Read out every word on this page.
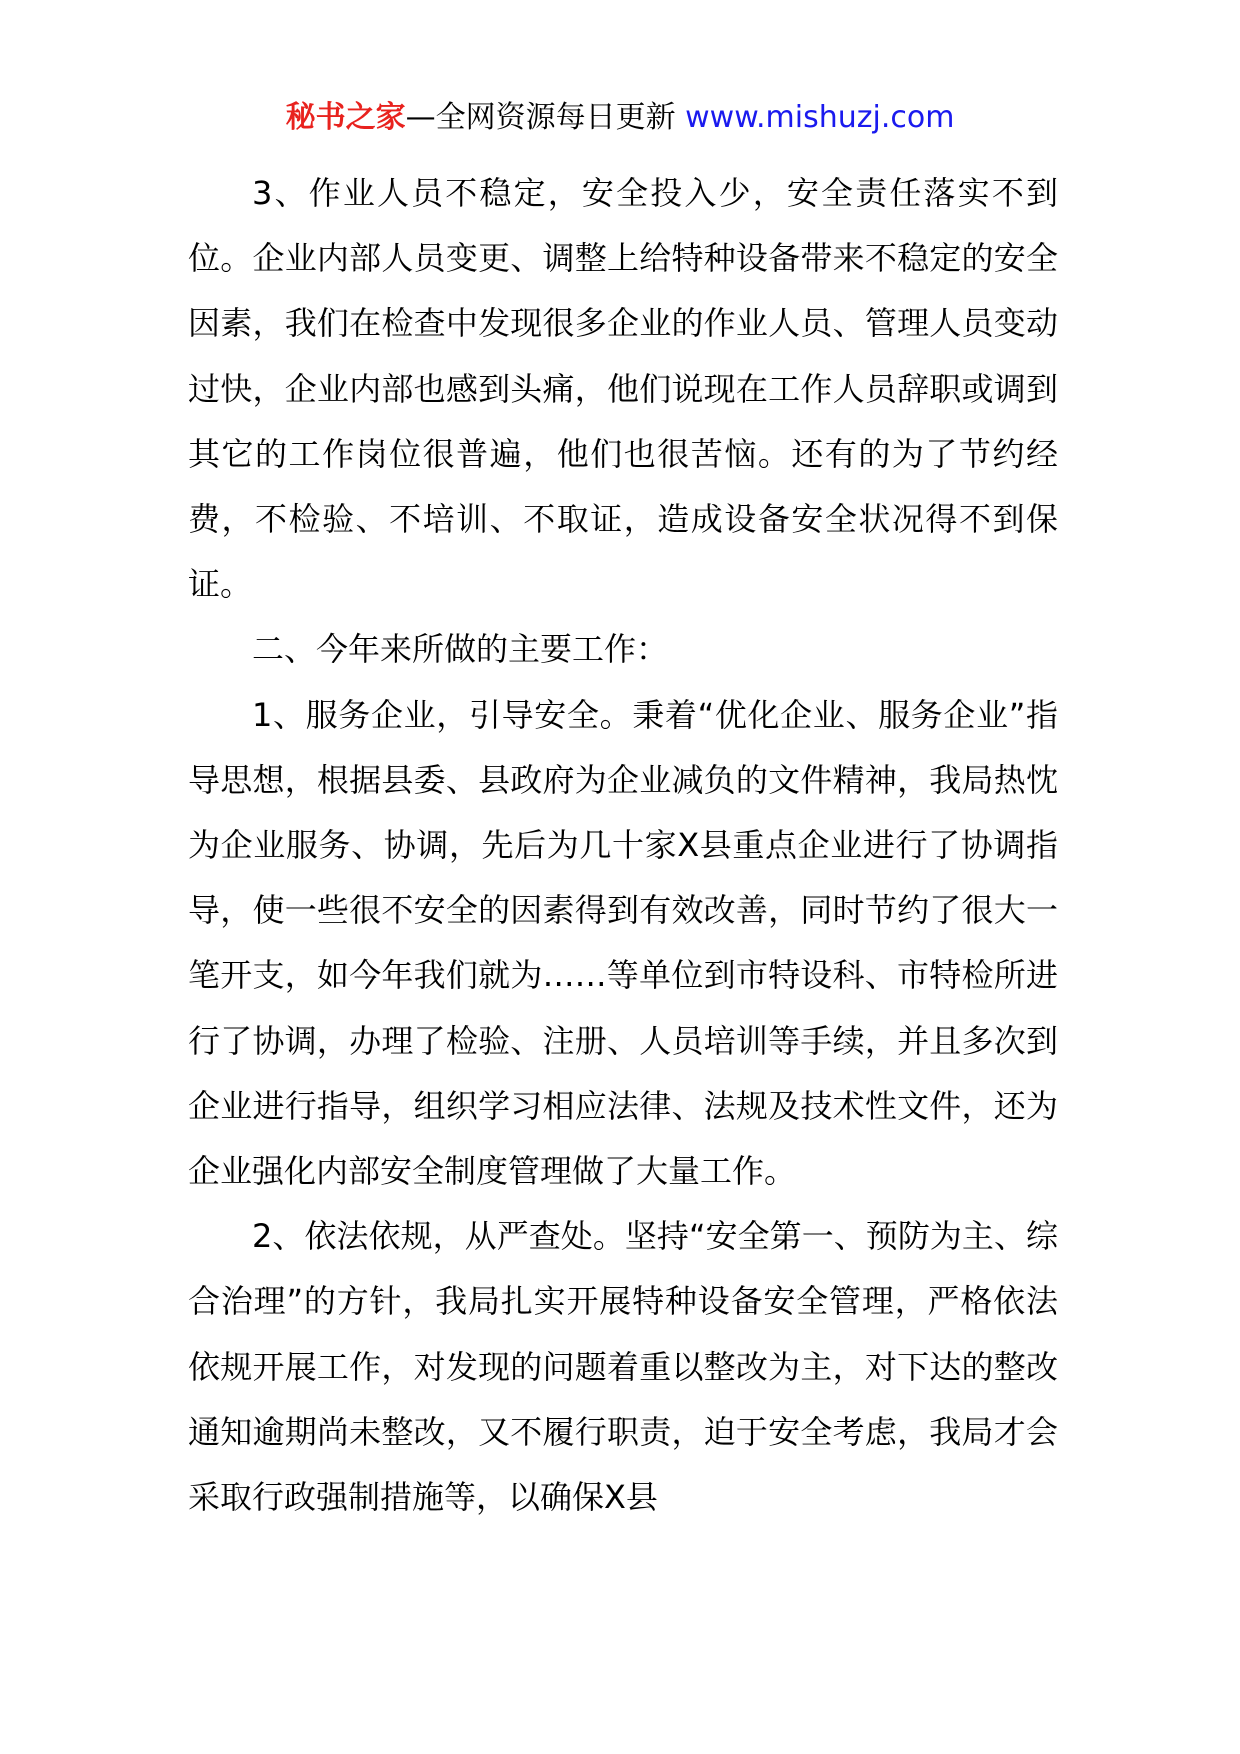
秘书之家—全网资源每日更新 www.mishuzj.com

3、作业人员不稳定，安全投入少，安全责任落实不到位。企业内部人员变更、调整上给特种设备带来不稳定的安全因素，我们在检查中发现很多企业的作业人员、管理人员变动过快，企业内部也感到头痛，他们说现在工作人员辞职或调到其它的工作岗位很普遍，他们也很苦恼。还有的为了节约经费，不检验、不培训、不取证，造成设备安全状况得不到保证。

二、今年来所做的主要工作：

1、服务企业，引导安全。秉着“优化企业、服务企业”指导思想，根据县委、县政府为企业减负的文件精神，我局热忱为企业服务、协调，先后为几十家X县重点企业进行了协调指导，使一些很不安全的因素得到有效改善，同时节约了很大一笔开支，如今年我们就为……等单位到市特设科、市特检所进行了协调，办理了检验、注册、人员培训等手续，并且多次到企业进行指导，组织学习相应法律、法规及技术性文件，还为企业强化内部安全制度管理做了大量工作。

2、依法依规，从严查处。坚持“安全第一、预防为主、综合治理”的方针，我局扎实开展特种设备安全管理，严格依法依规开展工作，对发现的问题着重以整改为主，对下达的整改通知逾期尚未整改，又不履行职责，迫于安全考虑，我局才会采取行政强制措施等，以确保X县
